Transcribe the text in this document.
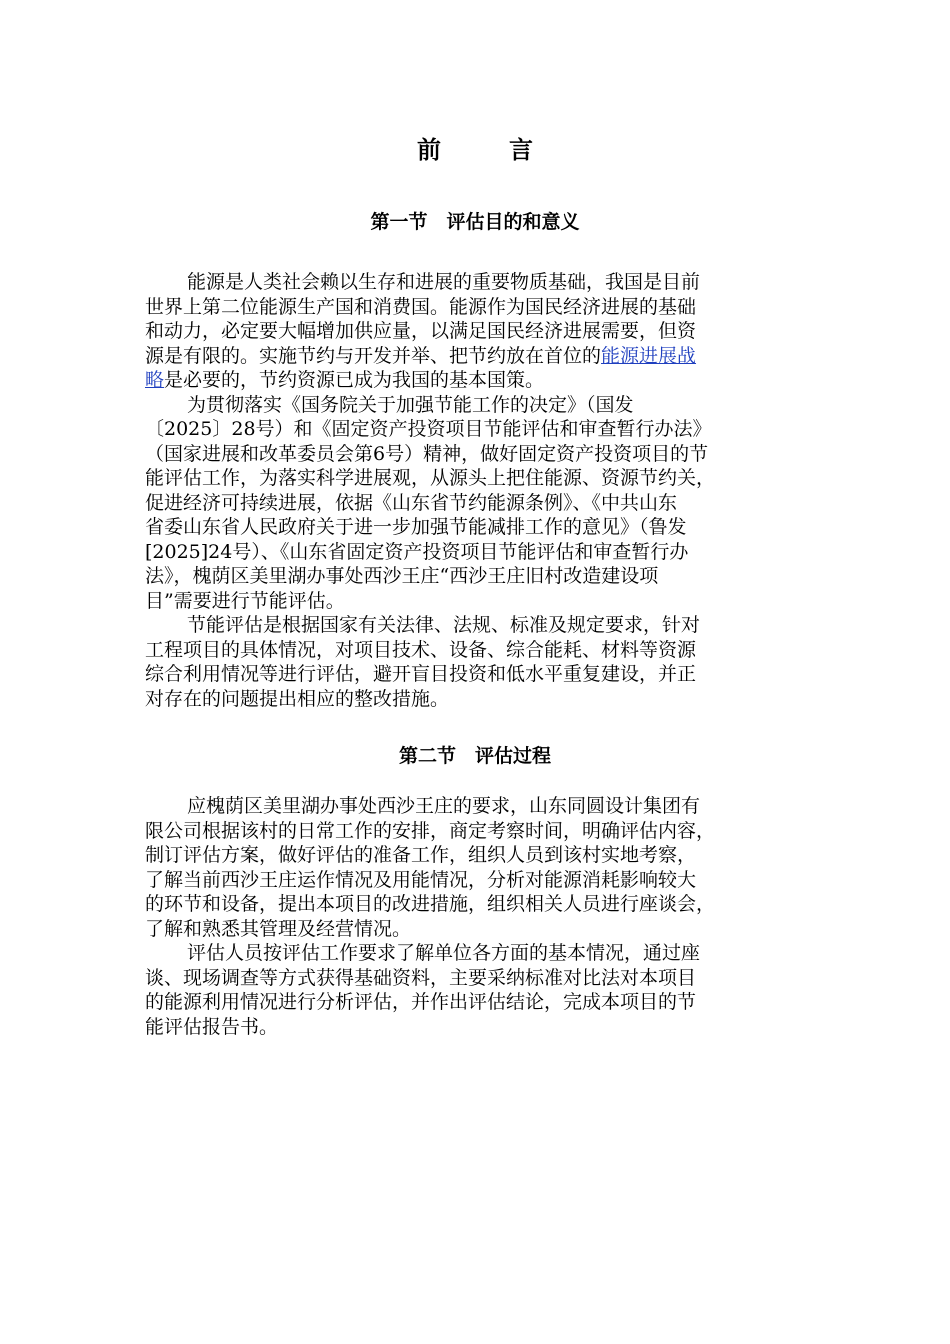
前　言
第一节　评估目的和意义
能源是人类社会赖以生存和进展的重要物质基础，我国是目前
世界上第二位能源生产国和消费国。能源作为国民经济进展的基础
和动力，必定要大幅增加供应量，以满足国民经济进展需要，但资
源是有限的。实施节约与开发并举、把节约放在首位的能源进展战
略是必要的，节约资源已成为我国的基本国策。
为贯彻落实《国务院关于加强节能工作的决定》（国发
〔2025〕28号）和《固定资产投资项目节能评估和审查暂行办法》
（国家进展和改革委员会第6号）精神，做好固定资产投资项目的节
能评估工作，为落实科学进展观，从源头上把住能源、资源节约关，
促进经济可持续进展，依据《山东省节约能源条例》、《中共山东
省委山东省人民政府关于进一步加强节能减排工作的意见》（鲁发
[2025]24号）、《山东省固定资产投资项目节能评估和审查暂行办
法》，槐荫区美里湖办事处西沙王庄“西沙王庄旧村改造建设项
目”需要进行节能评估。
节能评估是根据国家有关法律、法规、标准及规定要求，针对
工程项目的具体情况，对项目技术、设备、综合能耗、材料等资源
综合利用情况等进行评估，避开盲目投资和低水平重复建设，并正
对存在的问题提出相应的整改措施。
第二节　评估过程
应槐荫区美里湖办事处西沙王庄的要求，山东同圆设计集团有
限公司根据该村的日常工作的安排，商定考察时间，明确评估内容，
制订评估方案，做好评估的准备工作，组织人员到该村实地考察，
了解当前西沙王庄运作情况及用能情况，分析对能源消耗影响较大
的环节和设备，提出本项目的改进措施，组织相关人员进行座谈会，
了解和熟悉其管理及经营情况。
评估人员按评估工作要求了解单位各方面的基本情况，通过座
谈、现场调查等方式获得基础资料，主要采纳标准对比法对本项目
的能源利用情况进行分析评估，并作出评估结论，完成本项目的节
能评估报告书。
